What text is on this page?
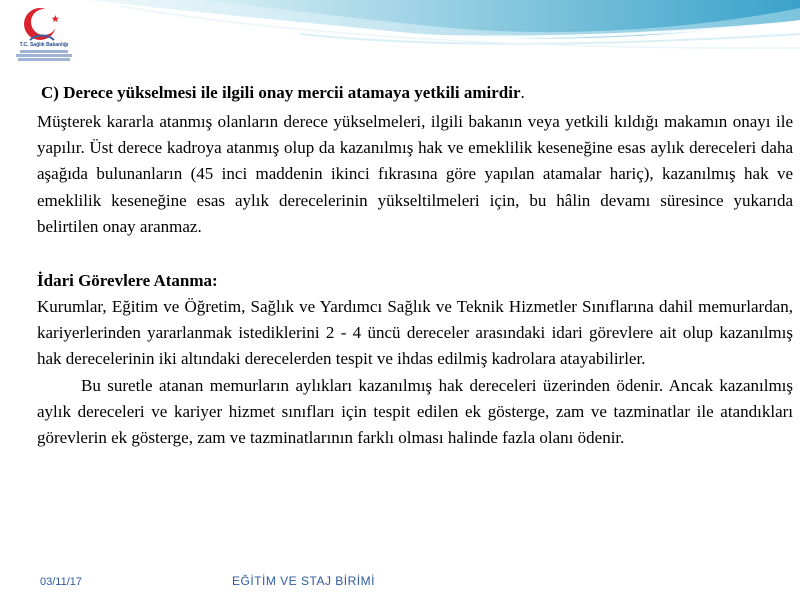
T.C. Sağlık Bakanlığı

C) Derece yükselmesi ile ilgili onay mercii atamaya yetkili amirdir.

Müşterek kararla atanmış olanların derece yükselmeleri, ilgili bakanın veya yetkili kıldığı makamın onayı ile yapılır. Üst derece kadroya atanmış olup da kazanılmış hak ve emeklilik keseneğine esas aylık dereceleri daha aşağıda bulunanların (45 inci maddenin ikinci fıkrasına göre yapılan atamalar hariç), kazanılmış hak ve emeklilik keseneğine esas aylık derecelerinin yükseltilmeleri için, bu hâlin devamı süresince yukarıda belirtilen onay aranmaz.

İdari Görevlere Atanma:

Kurumlar, Eğitim ve Öğretim, Sağlık ve Yardımcı Sağlık ve Teknik Hizmetler Sınıflarına dahil memurlardan, kariyerlerinden yararlanmak istediklerini 2 - 4 üncü dereceler arasındaki idari görevlere ait olup kazanılmış hak derecelerinin iki altındaki derecelerden tespit ve ihdas edilmiş kadrolara atayabilirler.

Bu suretle atanan memurların aylıkları kazanılmış hak dereceleri üzerinden ödenir. Ancak kazanılmış aylık dereceleri ve kariyer hizmet sınıfları için tespit edilen ek gösterge, zam ve tazminatlar ile atandıkları görevlerin ek gösterge, zam ve tazminatlarının farklı olması halinde fazla olanı ödenir.

03/11/17	EĞİTİM VE STAJ BİRİMİ
